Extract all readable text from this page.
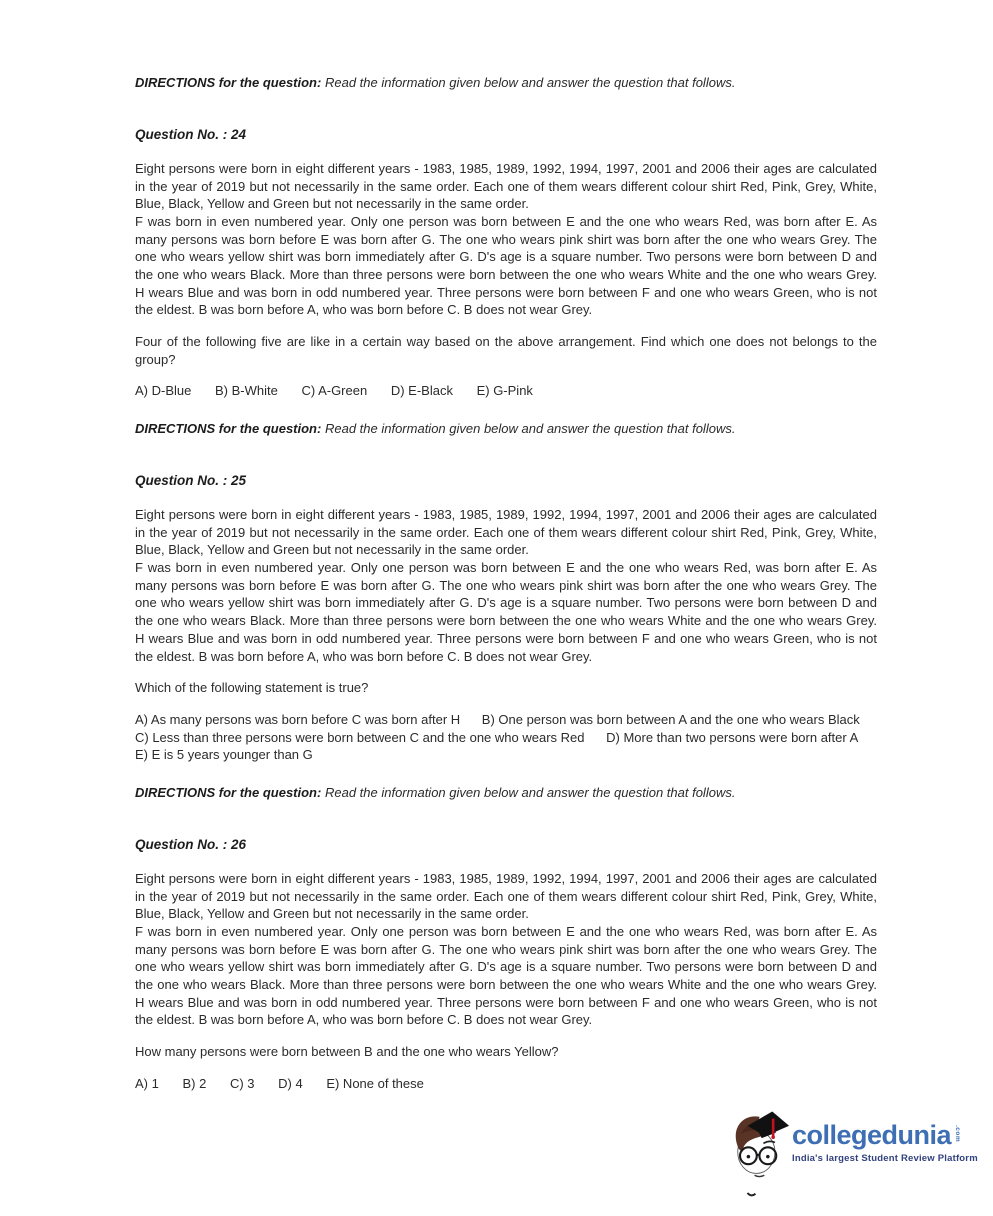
DIRECTIONS for the question: Read the information given below and answer the question that follows.

Question No. : 24
Eight persons were born in eight different years - 1983, 1985, 1989, 1992, 1994, 1997, 2001 and 2006 their ages are calculated in the year of 2019 but not necessarily in the same order. Each one of them wears different colour shirt Red, Pink, Grey, White, Blue, Black, Yellow and Green but not necessarily in the same order.
F was born in even numbered year. Only one person was born between E and the one who wears Red, was born after E. As many persons was born before E was born after G. The one who wears pink shirt was born after the one who wears Grey. The one who wears yellow shirt was born immediately after G. D's age is a square number. Two persons were born between D and the one who wears Black. More than three persons were born between the one who wears White and the one who wears Grey. H wears Blue and was born in odd numbered year. Three persons were born between F and one who wears Green, who is not the eldest. B was born before A, who was born before C. B does not wear Grey.

Four of the following five are like in a certain way based on the above arrangement. Find which one does not belongs to the group?

A) D-Blue B) B-White C) A-Green D) E-Black E) G-Pink

DIRECTIONS for the question: Read the information given below and answer the question that follows.

Question No. : 25
Eight persons were born in eight different years - 1983, 1985, 1989, 1992, 1994, 1997, 2001 and 2006 their ages are calculated in the year of 2019 but not necessarily in the same order. Each one of them wears different colour shirt Red, Pink, Grey, White, Blue, Black, Yellow and Green but not necessarily in the same order.
F was born in even numbered year. Only one person was born between E and the one who wears Red, was born after E. As many persons was born before E was born after G. The one who wears pink shirt was born after the one who wears Grey. The one who wears yellow shirt was born immediately after G. D's age is a square number. Two persons were born between D and the one who wears Black. More than three persons were born between the one who wears White and the one who wears Grey. H wears Blue and was born in odd numbered year. Three persons were born between F and one who wears Green, who is not the eldest. B was born before A, who was born before C. B does not wear Grey.

Which of the following statement is true?

A) As many persons was born before C was born after H B) One person was born between A and the one who wears Black
C) Less than three persons were born between C and the one who wears Red D) More than two persons were born after A
E) E is 5 years younger than G

DIRECTIONS for the question: Read the information given below and answer the question that follows.

Question No. : 26
Eight persons were born in eight different years - 1983, 1985, 1989, 1992, 1994, 1997, 2001 and 2006 their ages are calculated in the year of 2019 but not necessarily in the same order. Each one of them wears different colour shirt Red, Pink, Grey, White, Blue, Black, Yellow and Green but not necessarily in the same order.
F was born in even numbered year. Only one person was born between E and the one who wears Red, was born after E. As many persons was born before E was born after G. The one who wears pink shirt was born after the one who wears Grey. The one who wears yellow shirt was born immediately after G. D's age is a square number. Two persons were born between D and the one who wears Black. More than three persons were born between the one who wears White and the one who wears Grey. H wears Blue and was born in odd numbered year. Three persons were born between F and one who wears Green, who is not the eldest. B was born before A, who was born before C. B does not wear Grey.

How many persons were born between B and the one who wears Yellow?

A) 1 B) 2 C) 3 D) 4 E) None of these
collegedunia .com
India's largest Student Review Platform
